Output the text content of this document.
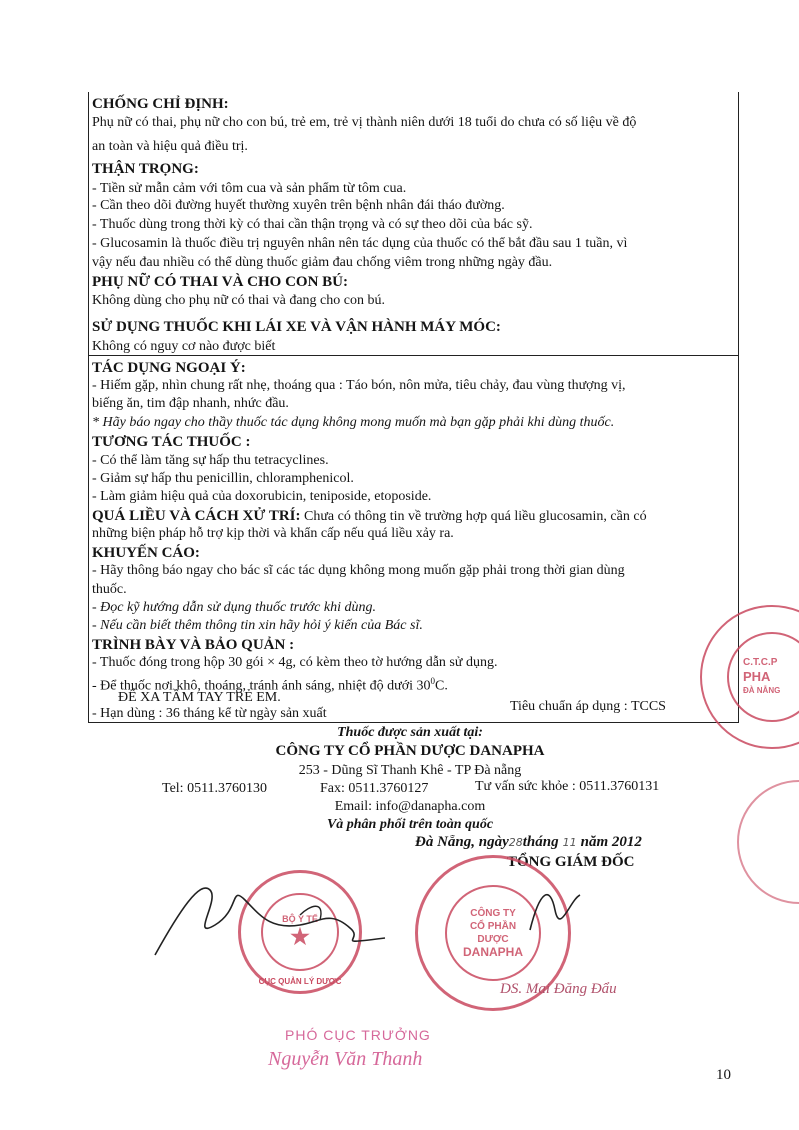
CHỐNG CHỈ ĐỊNH:
Phụ nữ có thai, phụ nữ cho con bú, trẻ em, trẻ vị thành niên dưới 18 tuổi do chưa có số liệu về độ
an toàn và hiệu quả điều trị.
THẬN TRỌNG:
- Tiền sử mẫn cảm với tôm cua và sản phẩm từ tôm cua.
- Cần theo dõi đường huyết thường xuyên trên bệnh nhân đái tháo đường.
- Thuốc dùng trong thời kỳ có thai cần thận trọng và có sự theo dõi của bác sỹ.
- Glucosamin là thuốc điều trị nguyên nhân nên tác dụng của thuốc có thể bắt đầu sau 1 tuần, vì
vậy nếu đau nhiều có thể dùng thuốc giảm đau chống viêm trong những ngày đầu.
PHỤ NỮ CÓ THAI VÀ CHO CON BÚ:
Không dùng cho phụ nữ có thai và đang cho con bú.
SỬ DỤNG THUỐC KHI LÁI XE VÀ VẬN HÀNH MÁY MÓC:
Không có nguy cơ nào được biết
TÁC DỤNG NGOẠI Ý:
- Hiếm gặp, nhìn chung rất nhẹ, thoáng qua : Táo bón, nôn mửa, tiêu chảy, đau vùng thượng vị,
biếng ăn, tim đập nhanh, nhức đầu.
* Hãy báo ngay cho thầy thuốc tác dụng không mong muốn mà bạn gặp phải khi dùng thuốc.
TƯƠNG TÁC THUỐC :
- Có thể làm tăng sự hấp thu tetracyclines.
- Giảm sự hấp thu penicillin, chloramphenicol.
- Làm giảm hiệu quả của doxorubicin, teniposide, etoposide.
QUÁ LIỀU VÀ CÁCH XỬ TRÍ: Chưa có thông tin về trường hợp quá liều glucosamin, cần có
những biện pháp hỗ trợ kịp thời và khẩn cấp nếu quá liều xảy ra.
KHUYẾN CÁO:
- Hãy thông báo ngay cho bác sĩ các tác dụng không mong muốn gặp phải trong thời gian dùng
thuốc.
- Đọc kỹ hướng dẫn sử dụng thuốc trước khi dùng.
- Nếu cần biết thêm thông tin xin hãy hỏi ý kiến của Bác sĩ.
TRÌNH BÀY VÀ BẢO QUẢN :
- Thuốc đóng trong hộp 30 gói × 4g, có kèm theo tờ hướng dẫn sử dụng.
- Để thuốc nơi khô, thoáng, tránh ánh sáng, nhiệt độ dưới $30^0C$.
ĐỂ XA TẦM TAY TRẺ EM.
- Hạn dùng : 36 tháng kể từ ngày sản xuất	Tiêu chuẩn áp dụng : TCCS
Thuốc được sản xuất tại:
CÔNG TY CỔ PHẦN DƯỢC DANAPHA
253 - Dũng Sĩ Thanh Khê - TP Đà nẵng
Tel: 0511.3760130	Fax: 0511.3760127	Tư vấn sức khỏe : 0511.3760131
Email: info@danapha.com
Và phân phối trên toàn quốc
Đà Nẵng, ngày28tháng 11 năm 2012
TỔNG GIÁM ĐỐC
BỘ Y TẾ
★
CỤC QUẢN LÝ DƯỢC
CÔNG TY
CỔ PHẦN
DƯỢC
DANAPHA
C.T.C.P
PHA
ĐÀ NẴNG
DS. Mai Đăng Đẩu
PHÓ CỤC TRƯỞNG
Nguyễn Văn Thanh
10
